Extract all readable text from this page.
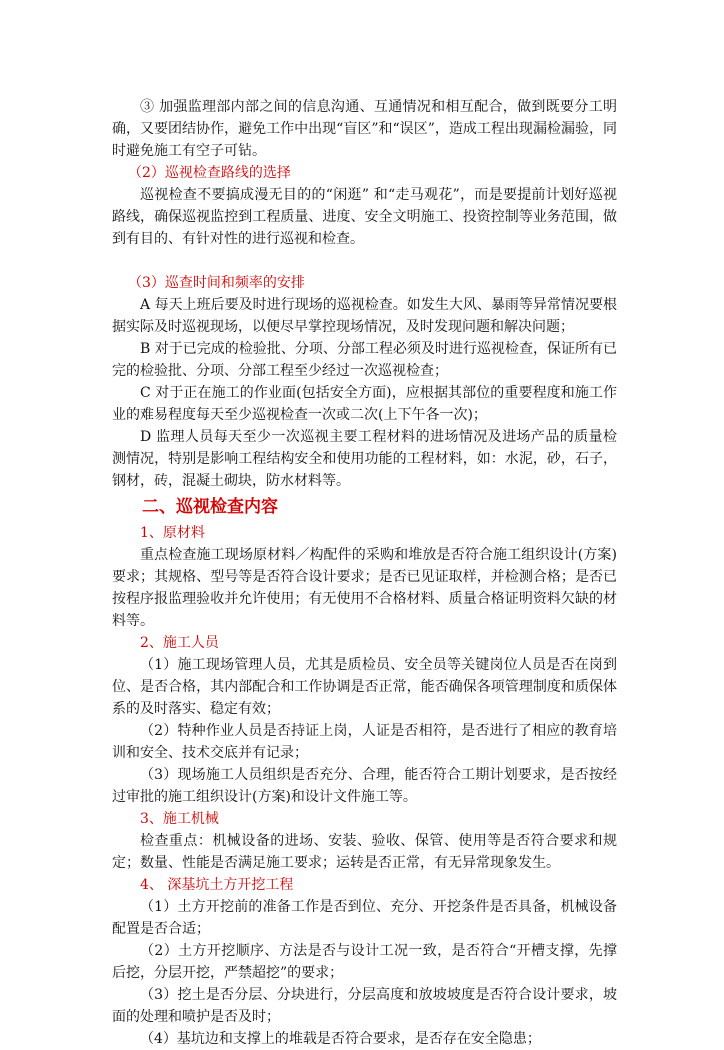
③ 加强监理部内部之间的信息沟通、互通情况和相互配合，做到既要分工明确，又要团结协作，避免工作中出现“盲区”和“误区”，造成工程出现漏检漏验，同时避免施工有空子可钻。

（2）巡视检查路线的选择

巡视检查不要搞成漫无目的的“闲逛” 和“走马观花”，而是要提前计划好巡视路线，确保巡视监控到工程质量、进度、安全文明施工、投资控制等业务范围，做到有目的、有针对性的进行巡视和检查。

（3）巡查时间和频率的安排

A 每天上班后要及时进行现场的巡视检查。如发生大风、暴雨等异常情况要根据实际及时巡视现场，以便尽早掌控现场情况，及时发现问题和解决问题；

B 对于已完成的检验批、分项、分部工程必须及时进行巡视检查，保证所有已完的检验批、分项、分部工程至少经过一次巡视检查；

C 对于正在施工的作业面(包括安全方面)，应根据其部位的重要程度和施工作业的难易程度每天至少巡视检查一次或二次(上下午各一次)；

D 监理人员每天至少一次巡视主要工程材料的进场情况及进场产品的质量检测情况，特别是影响工程结构安全和使用功能的工程材料，如：水泥，砂，石子，钢材，砖，混凝土砌块，防水材料等。

二、巡视检查内容

1、原材料

重点检查施工现场原材料／构配件的采购和堆放是否符合施工组织设计(方案)要求；其规格、型号等是否符合设计要求；是否已见证取样，并检测合格；是否已按程序报监理验收并允许使用；有无使用不合格材料、质量合格证明资料欠缺的材料等。

2、施工人员

（1）施工现场管理人员，尤其是质检员、安全员等关键岗位人员是否在岗到位、是否合格，其内部配合和工作协调是否正常，能否确保各项管理制度和质保体系的及时落实、稳定有效；

（2）特种作业人员是否持证上岗，人证是否相符，是否进行了相应的教育培训和安全、技术交底并有记录；

（3）现场施工人员组织是否充分、合理，能否符合工期计划要求，是否按经过审批的施工组织设计(方案)和设计文件施工等。

3、施工机械

检查重点：机械设备的进场、安装、验收、保管、使用等是否符合要求和规定；数量、性能是否满足施工要求；运转是否正常，有无异常现象发生。

4、 深基坑土方开挖工程

（1）土方开挖前的准备工作是否到位、充分、开挖条件是否具备，机械设备配置是否合适；

（2）土方开挖顺序、方法是否与设计工况一致，是否符合“开槽支撑，先撑后挖，分层开挖，严禁超挖”的要求；

（3）挖土是否分层、分块进行，分层高度和放坡坡度是否符合设计要求，坡面的处理和喷护是否及时；

（4）基坑边和支撑上的堆载是否符合要求，是否存在安全隐患；
